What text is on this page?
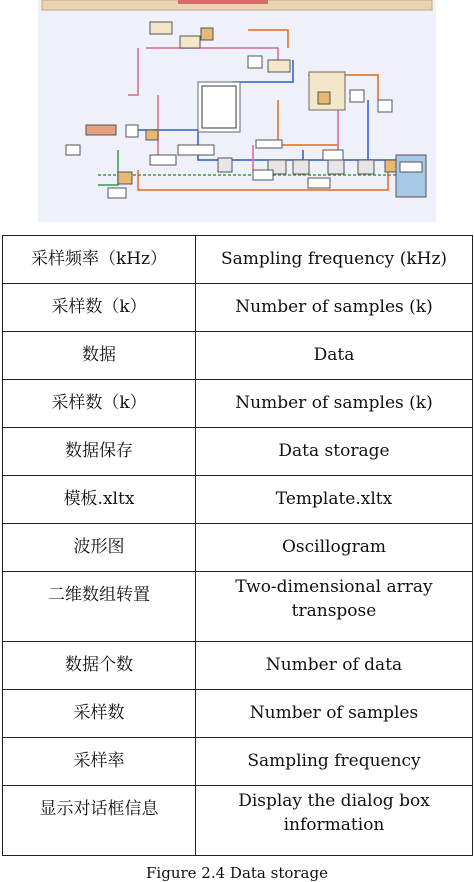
采样频率（kHz）	Sampling frequency (kHz)
采样数（k）	Number of samples (k)
数据	Data
采样数（k）	Number of samples (k)
数据保存	Data storage
模板.xltx	Template.xltx
波形图	Oscillogram
二维数组转置	Two-dimensional array transpose
数据个数	Number of data
采样数	Number of samples
采样率	Sampling frequency
显示对话框信息	Display the dialog box information
Figure 2.4 Data storage
